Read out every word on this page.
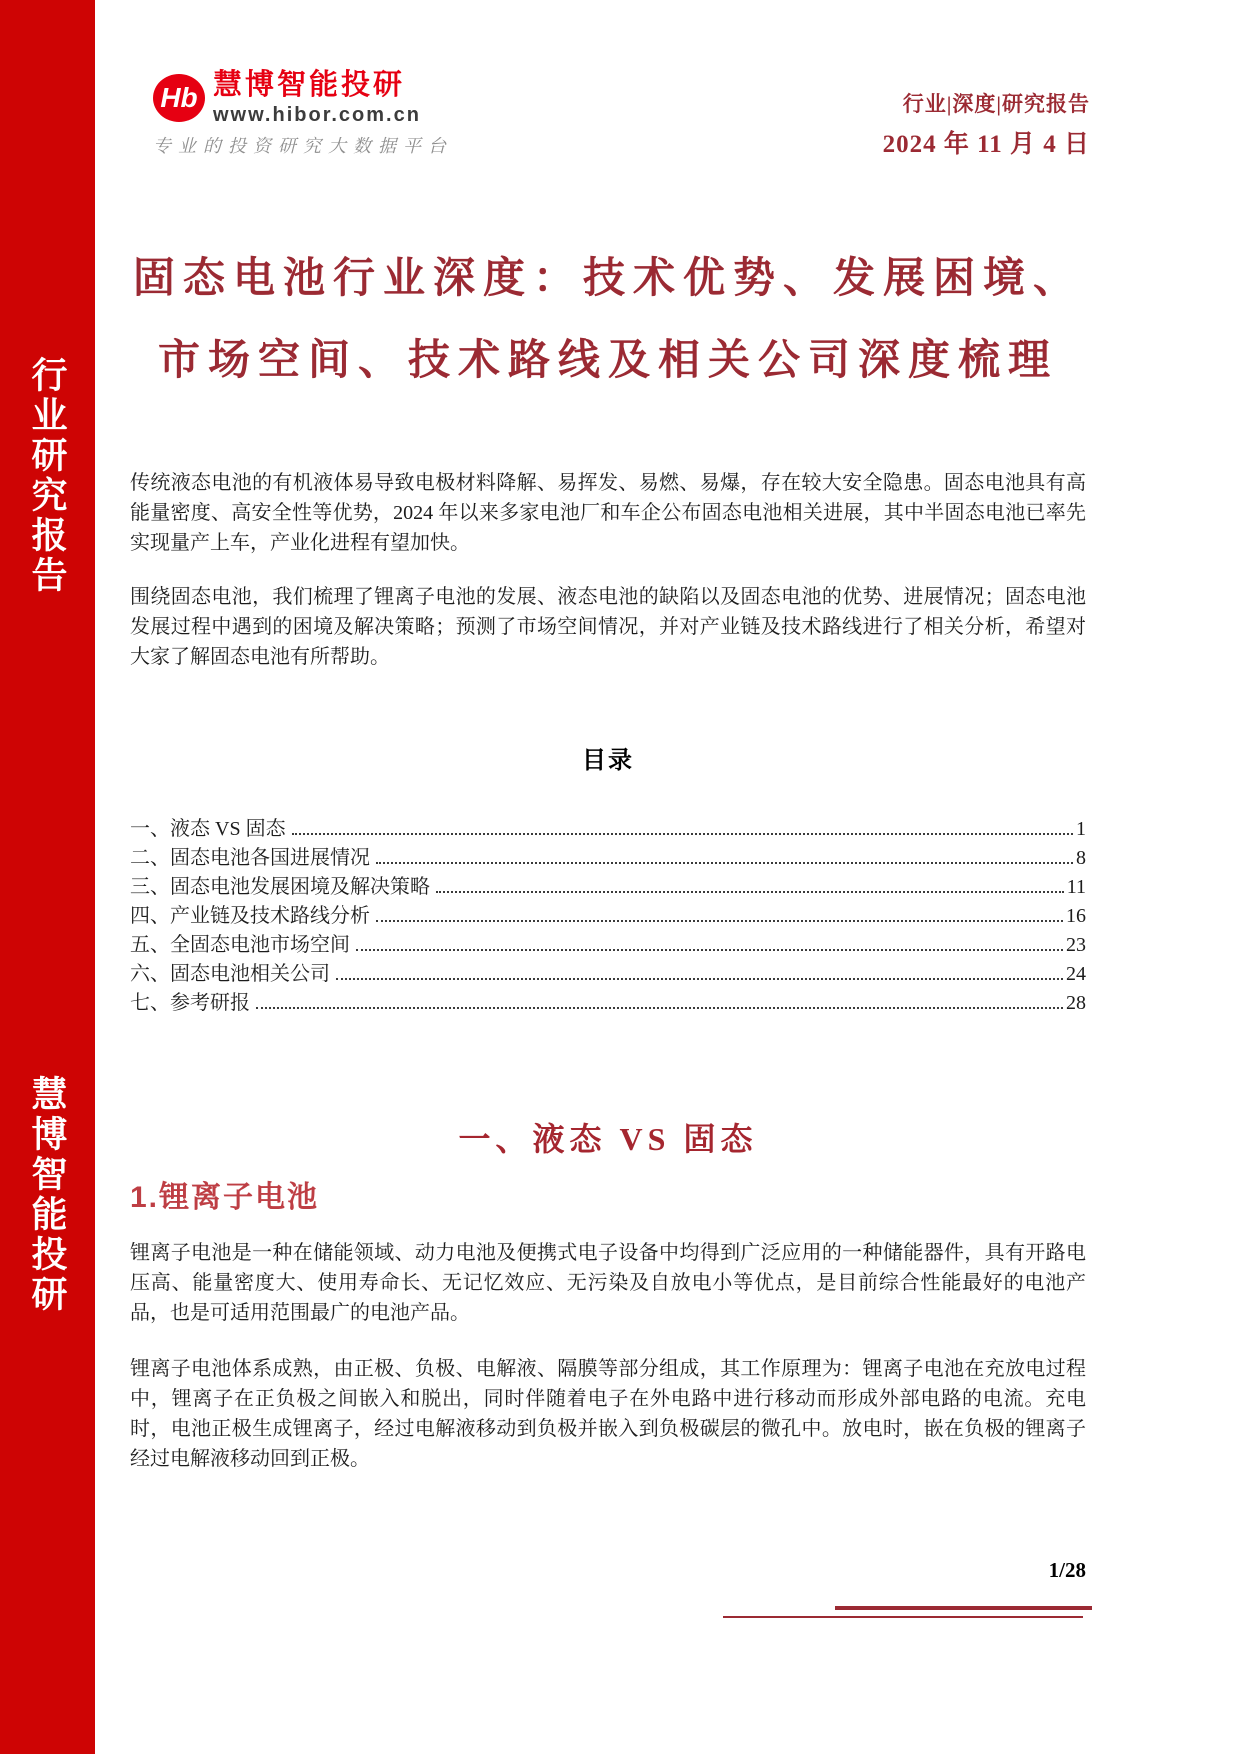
行业研究报告
慧博智能投研
Hb 慧博智能投研
www.hibor.com.cn
专业的投资研究大数据平台
行业|深度|研究报告
2024 年 11 月 4 日
固态电池行业深度：技术优势、发展困境、
市场空间、技术路线及相关公司深度梳理

传统液态电池的有机液体易导致电极材料降解、易挥发、易燃、易爆，存在较大安全隐患。固态电池具有高能量密度、高安全性等优势，2024 年以来多家电池厂和车企公布固态电池相关进展，其中半固态电池已率先实现量产上车，产业化进程有望加快。

围绕固态电池，我们梳理了锂离子电池的发展、液态电池的缺陷以及固态电池的优势、进展情况；固态电池发展过程中遇到的困境及解决策略；预测了市场空间情况，并对产业链及技术路线进行了相关分析，希望对大家了解固态电池有所帮助。

目录
一、液态 VS 固态	1
二、固态电池各国进展情况	8
三、固态电池发展困境及解决策略	11
四、产业链及技术路线分析	16
五、全固态电池市场空间	23
六、固态电池相关公司	24
七、参考研报	28
一、液态 VS 固态
1.锂离子电池

锂离子电池是一种在储能领域、动力电池及便携式电子设备中均得到广泛应用的一种储能器件，具有开路电压高、能量密度大、使用寿命长、无记忆效应、无污染及自放电小等优点，是目前综合性能最好的电池产品，也是可适用范围最广的电池产品。

锂离子电池体系成熟，由正极、负极、电解液、隔膜等部分组成，其工作原理为：锂离子电池在充放电过程中，锂离子在正负极之间嵌入和脱出，同时伴随着电子在外电路中进行移动而形成外部电路的电流。充电时，电池正极生成锂离子，经过电解液移动到负极并嵌入到负极碳层的微孔中。放电时，嵌在负极的锂离子经过电解液移动回到正极。

1/28
